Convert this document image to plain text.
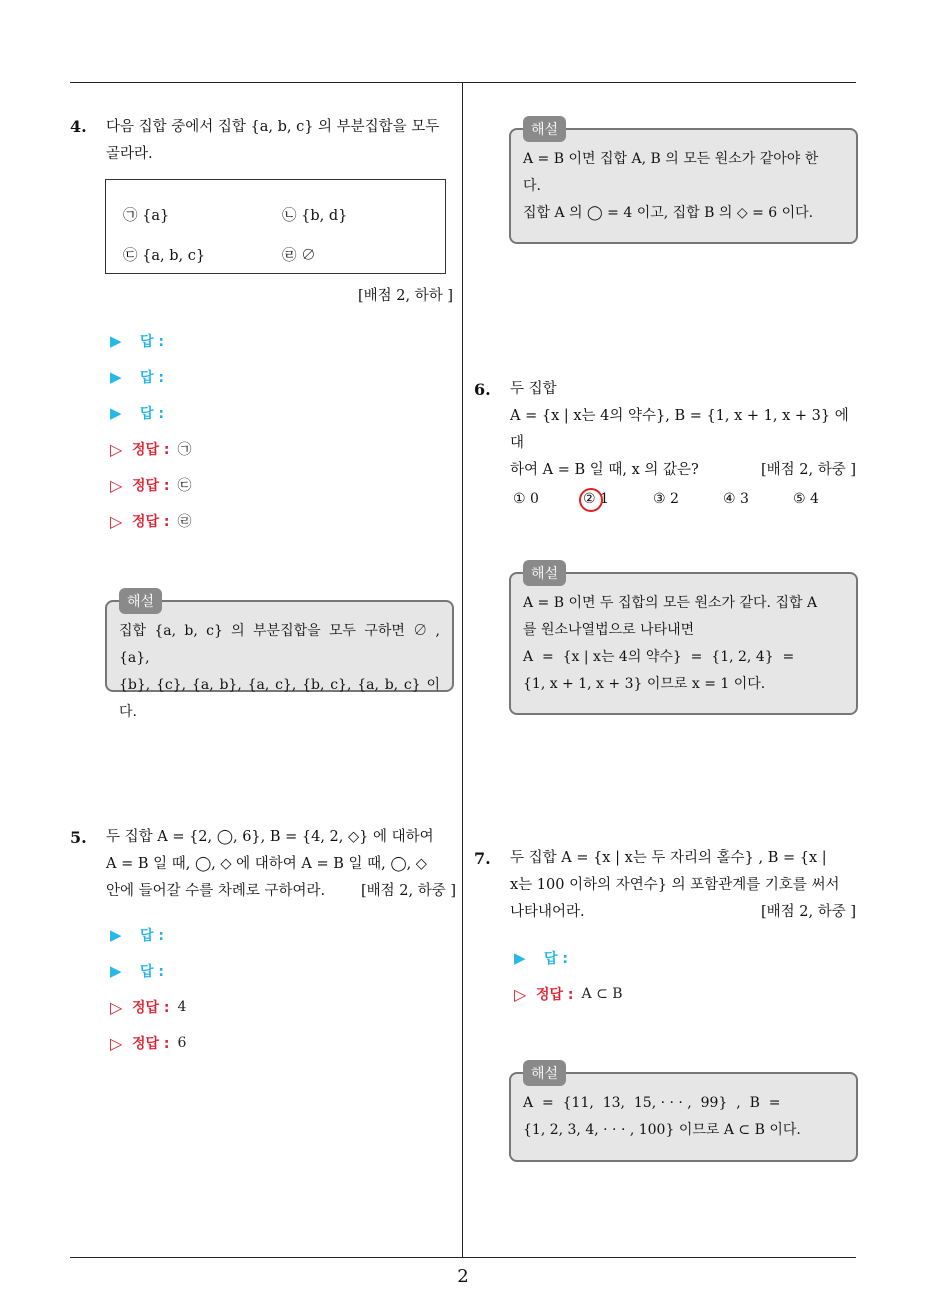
4. 다음 집합 중에서 집합 {a, b, c} 의 부분집합을 모두
골라라.
㉠ {a}	㉡ {b, d}
㉢ {a, b, c}	㉣ ∅
[배점 2, 하하 ]
▶	답 :
▶	답 :
▶	답 :
▷ 정답 : ㉠
▷ 정답 : ㉢
▷ 정답 : ㉣
해설
집합 {a, b, c} 의 부분집합을 모두 구하면 ∅ , {a},
{b}, {c}, {a, b}, {a, c}, {b, c}, {a, b, c} 이다.
5. 두 집합 A = {2, ◯, 6}, B = {4, 2, ◇} 에 대하여
A = B 일 때, ◯, ◇ 에 대하여 A = B 일 때, ◯, ◇
안에 들어갈 수를 차례로 구하여라. [배점 2, 하중 ]
▶	답 :
▶	답 :
▷ 정답 : 4
▷ 정답 : 6
해설
A = B 이면 집합 A, B 의 모든 원소가 같아야 한
다.
집합 A 의 ◯ = 4 이고, 집합 B 의 ◇ = 6 이다.
6. 두 집합
A = {x | x는 4의 약수}, B = {1, x + 1, x + 3} 에 대
하여 A = B 일 때, x 의 값은?	[배점 2, 하중 ]
① 0	② 1	③ 2	④ 3	⑤ 4
해설
A = B 이면 두 집합의 모든 원소가 같다. 집합 A
를 원소나열법으로 나타내면
A  =  {x | x는 4의 약수}  =  {1, 2, 4}  =
{1, x + 1, x + 3} 이므로 x = 1 이다.
7. 두 집합 A = {x | x는 두 자리의 홀수} , B = {x |
x는 100 이하의 자연수} 의 포함관계를 기호를 써서
나타내어라.	[배점 2, 하중 ]
▶	답 :
▷ 정답 : A ⊂ B
해설
A  =  {11,  13,  15, · · · ,  99}  ,  B  =
{1, 2, 3, 4, · · · , 100} 이므로 A ⊂ B 이다.
2
